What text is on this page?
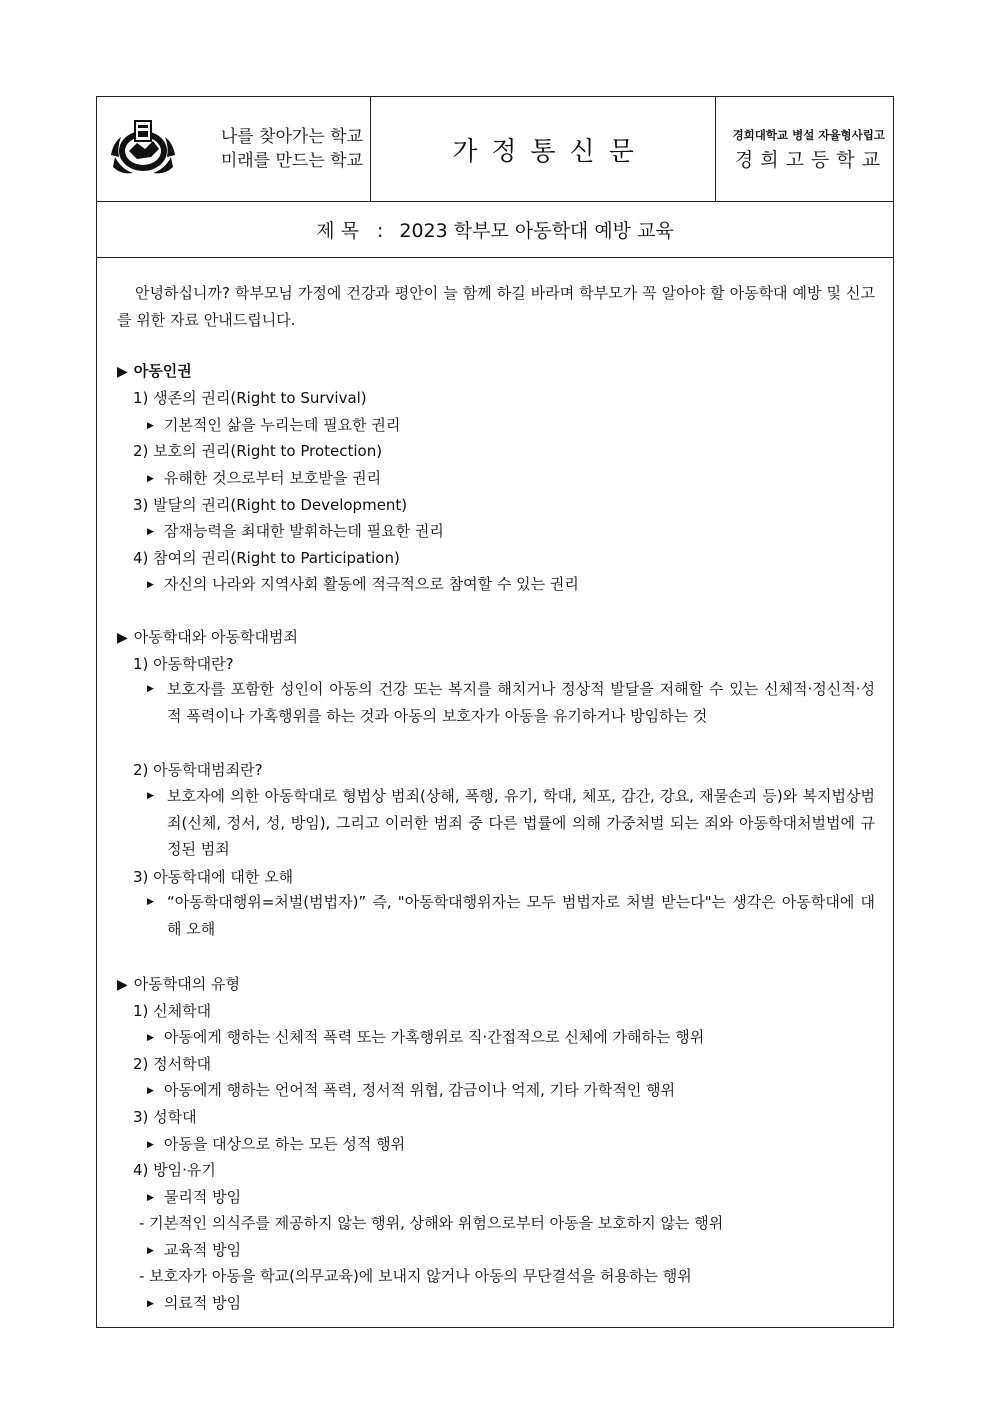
나를 찾아가는 학교
미래를 만드는 학교	가정통신문
경희대학교 병설 자율형사립고
경희고등학교
제목 : 2023 학부모 아동학대 예방 교육
안녕하십니까? 학부모님 가정에 건강과 평안이 늘 함께 하길 바라며 학부모가 꼭 알아야 할 아동학대 예방 및 신고를 위한 자료 안내드립니다.
▶ 아동인권
1) 생존의 권리(Right to Survival)
▶ 기본적인 삶을 누리는데 필요한 권리
2) 보호의 권리(Right to Protection)
▶ 유해한 것으로부터 보호받을 권리
3) 발달의 권리(Right to Development)
▶ 잠재능력을 최대한 발휘하는데 필요한 권리
4) 참여의 권리(Right to Participation)
▶ 자신의 나라와 지역사회 활동에 적극적으로 참여할 수 있는 권리
▶ 아동학대와 아동학대범죄
1) 아동학대란?
▶ 보호자를 포함한 성인이 아동의 건강 또는 복지를 해치거나 정상적 발달을 저해할 수 있는 신체적·정신적·성적 폭력이나 가혹행위를 하는 것과 아동의 보호자가 아동을 유기하거나 방임하는 것
2) 아동학대범죄란?
▶ 보호자에 의한 아동학대로 형법상 범죄(상해, 폭행, 유기, 학대, 체포, 감간, 강요, 재물손괴 등)와 복지법상범죄(신체, 정서, 성, 방임), 그리고 이러한 범죄 중 다른 법률에 의해 가중처벌 되는 죄와 아동학대처벌법에 규정된 범죄
3) 아동학대에 대한 오해
▶ “아동학대행위=처벌(범법자)” 즉, "아동학대행위자는 모두 범법자로 처벌 받는다"는 생각은 아동학대에 대해 오해
▶ 아동학대의 유형
1) 신체학대
▶ 아동에게 행하는 신체적 폭력 또는 가혹행위로 직·간접적으로 신체에 가해하는 행위
2) 정서학대
▶ 아동에게 행하는 언어적 폭력, 정서적 위협, 감금이나 억제, 기타 가학적인 행위
3) 성학대
▶ 아동을 대상으로 하는 모든 성적 행위
4) 방임·유기
▶ 물리적 방임
- 기본적인 의식주를 제공하지 않는 행위, 상해와 위험으로부터 아동을 보호하지 않는 행위
▶ 교육적 방임
- 보호자가 아동을 학교(의무교육)에 보내지 않거나 아동의 무단결석을 허용하는 행위
▶ 의료적 방임
